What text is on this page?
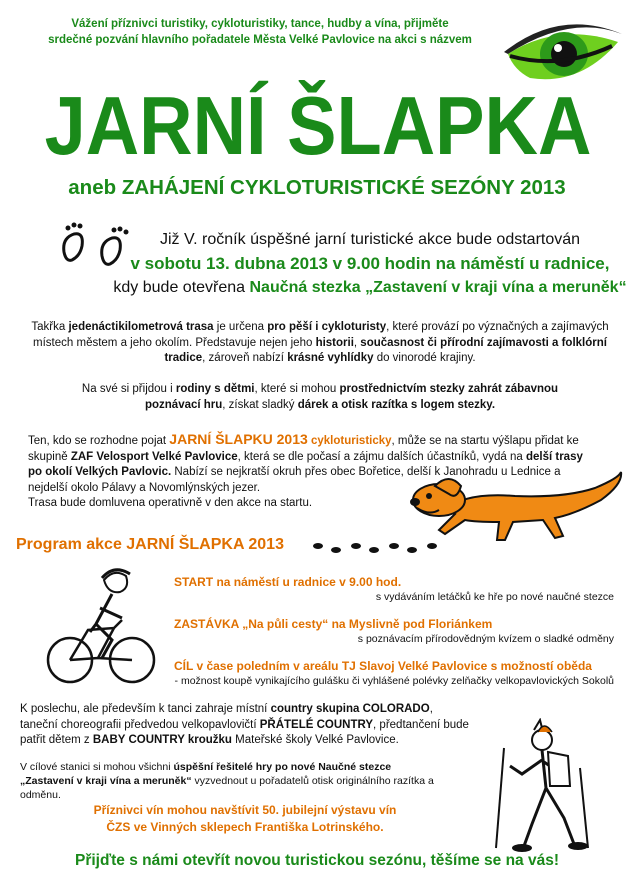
Vážení příznivci turistiky, cykloturistiky, tance, hudby a vína, přijměte
srdečné pozvání hlavního pořadatele Města Velké Pavlovice na akci s názvem
JARNÍ ŠLAPKA
aneb ZAHÁJENÍ CYKLOTURISTICKÉ SEZÓNY 2013
Již V. ročník úspěšné jarní turistické akce bude odstartován
v sobotu 13. dubna 2013 v 9.00 hodin na náměstí u radnice,
kdy bude otevřena Naučná stezka „Zastavení v kraji vína a meruněk“
Takřka jedenáctikilometrová trasa je určena pro pěší i cykloturisty, které provází po význačných a zajímavých místech městem a jeho okolím. Představuje nejen jeho historii, současnost či přírodní zajímavosti a folklórní tradice, zároveň nabízí krásné vyhlídky do vinorodé krajiny.
Na své si přijdou i rodiny s dětmi, které si mohou prostřednictvím stezky zahrát zábavnou poznávací hru, získat sladký dárek a otisk razítka s logem stezky.
Ten, kdo se rozhodne pojat JARNÍ ŠLAPKU 2013 cykloturisticky, může se na startu výšlapu přidat ke skupině ZAF Velosport Velké Pavlovice, která se dle počasí a zájmu dalších účastníků, vydá na delší trasy po okolí Velkých Pavlovic. Nabízí se nejkratší okruh přes obec Bořetice, delší k Janohradu u Lednice a nejdelší okolo Pálavy a Novomlýnských jezer.
Trasa bude domluvena operativně v den akce na startu.
Program akce JARNÍ ŠLAPKA 2013
START na náměstí u radnice v 9.00 hod.
s vydáváním letáčků ke hře po nové naučné stezce
ZASTÁVKA „Na půli cesty“ na Myslivně pod Floriánkem
s poznávacím přírodovědným kvízem o sladké odměny
CÍL v čase poledním v areálu TJ Slavoj Velké Pavlovice s možností oběda
- možnost koupě vynikajícího gulášku či vyhlášené polévky zelňačky velkopavlovických Sokolů
K poslechu, ale především k tanci zahraje místní country skupina COLORADO, taneční choreografii předvedou velkopavlovičtí PŘÁTELÉ COUNTRY, předtančení bude patřit dětem z BABY COUNTRY kroužku Mateřské školy Velké Pavlovice.
V cílové stanici si mohou všichni úspěšní řešitelé hry po nové Naučné stezce
„Zastavení v kraji vína a meruněk“ vyzvednout u pořadatelů otisk originálního razítka a odměnu.
Příznivci vín mohou navštívit 50. jubilejní výstavu vín
ČZS ve Vinných sklepech Františka Lotrinského.
Přijďte s námi otevřít novou turistickou sezónu, těšíme se na vás!
